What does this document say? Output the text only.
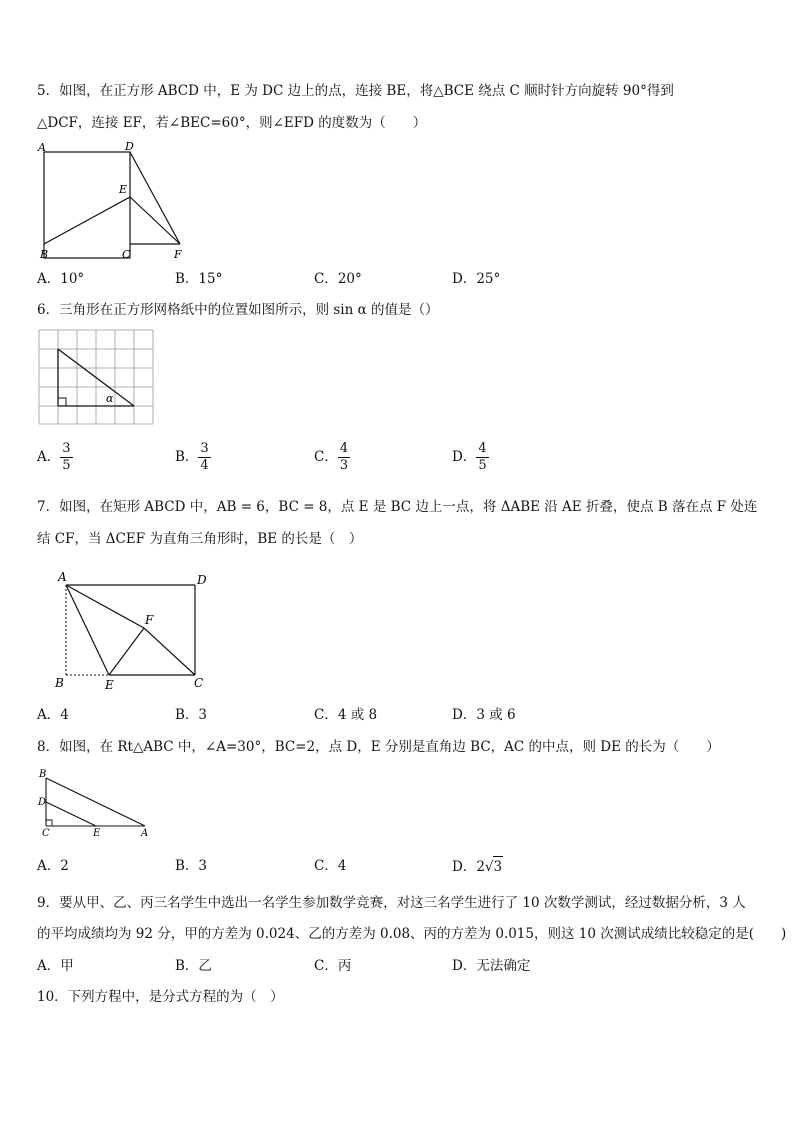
5．如图，在正方形 ABCD 中，E 为 DC 边上的点，连接 BE，将△BCE 绕点 C 顺时针方向旋转 90°得到
△DCF，连接 EF，若∠BEC=60°，则∠EFD 的度数为（　　）
A	D
E
B	C	F
A．10°	B．15°	C．20°	D．25°
6．三角形在正方形网格纸中的位置如图所示，则 sin α 的值是（）
α
A． $\frac{3}{5}$	B． $\frac{3}{4}$	C． $\frac{4}{3}$	D． $\frac{4}{5}$
7．如图，在矩形 ABCD 中，AB = 6，BC = 8，点 E 是 BC 边上一点，将 ΔABE 沿 AE 折叠，使点 B 落在点 F 处连
结 CF，当 ΔCEF 为直角三角形时，BE 的长是（　）
A	D
F
B	E	C
A．4	B．3	C．4 或 8	D．3 或 6
8．如图，在 Rt△ABC 中，∠A=30°，BC=2，点 D，E 分别是直角边 BC，AC 的中点，则 DE 的长为（　　）
B
D
C	E	A
A．2	B．3	C．4	D．2√3
9．要从甲、乙、丙三名学生中选出一名学生参加数学竞赛，对这三名学生进行了 10 次数学测试，经过数据分析，3 人
的平均成绩均为 92 分，甲的方差为 0.024、乙的方差为 0.08、丙的方差为 0.015，则这 10 次测试成绩比较稳定的是(　　)
A．甲	B．乙	C．丙	D．无法确定
10．下列方程中，是分式方程的为（　）
